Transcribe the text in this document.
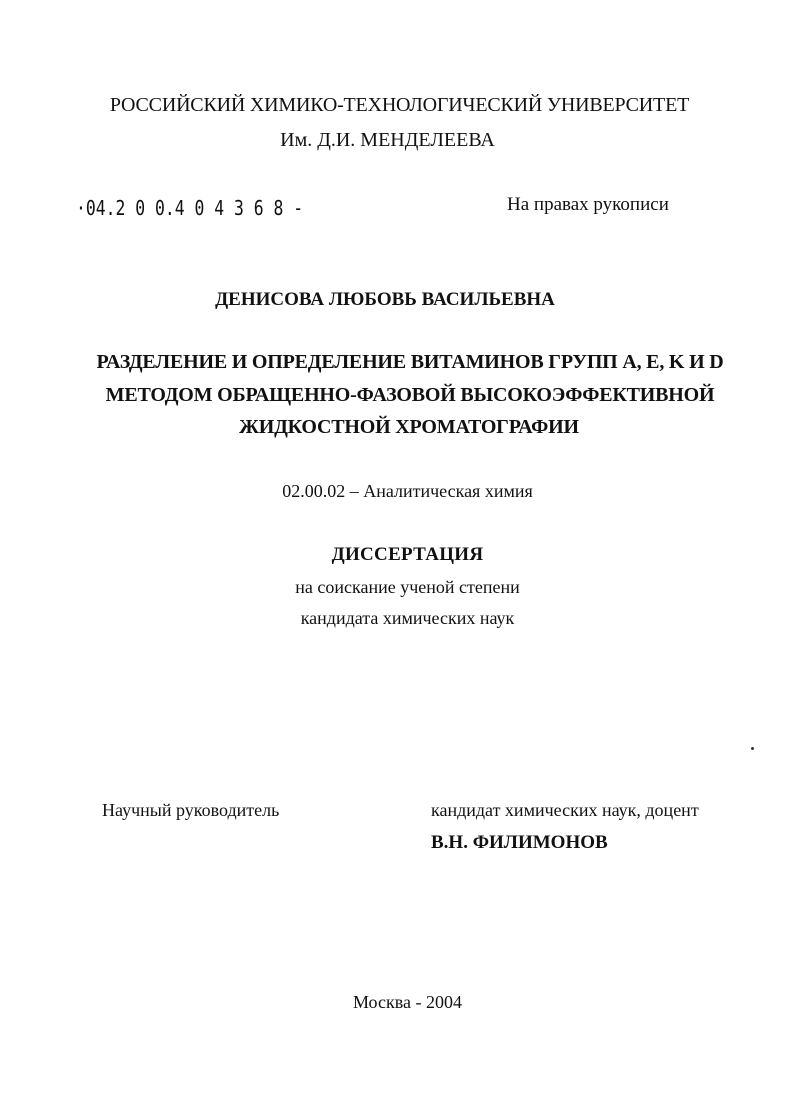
РОССИЙСКИЙ ХИМИКО-ТЕХНОЛОГИЧЕСКИЙ УНИВЕРСИТЕТ
Им. Д.И. МЕНДЕЛЕЕВА
·04.2 0 0.4 0 4 3 6 8 -	На правах рукописи
ДЕНИСОВА ЛЮБОВЬ ВАСИЛЬЕВНА
РАЗДЕЛЕНИЕ И ОПРЕДЕЛЕНИЕ ВИТАМИНОВ ГРУПП A, E, K И D
МЕТОДОМ ОБРАЩЕННО-ФАЗОВОЙ ВЫСОКОЭФФЕКТИВНОЙ
ЖИДКОСТНОЙ ХРОМАТОГРАФИИ
02.00.02 – Аналитическая химия
ДИССЕРТАЦИЯ
на соискание ученой степени
кандидата химических наук
Научный руководитель	кандидат химических наук, доцент
В.Н. ФИЛИМОНОВ
Москва - 2004
